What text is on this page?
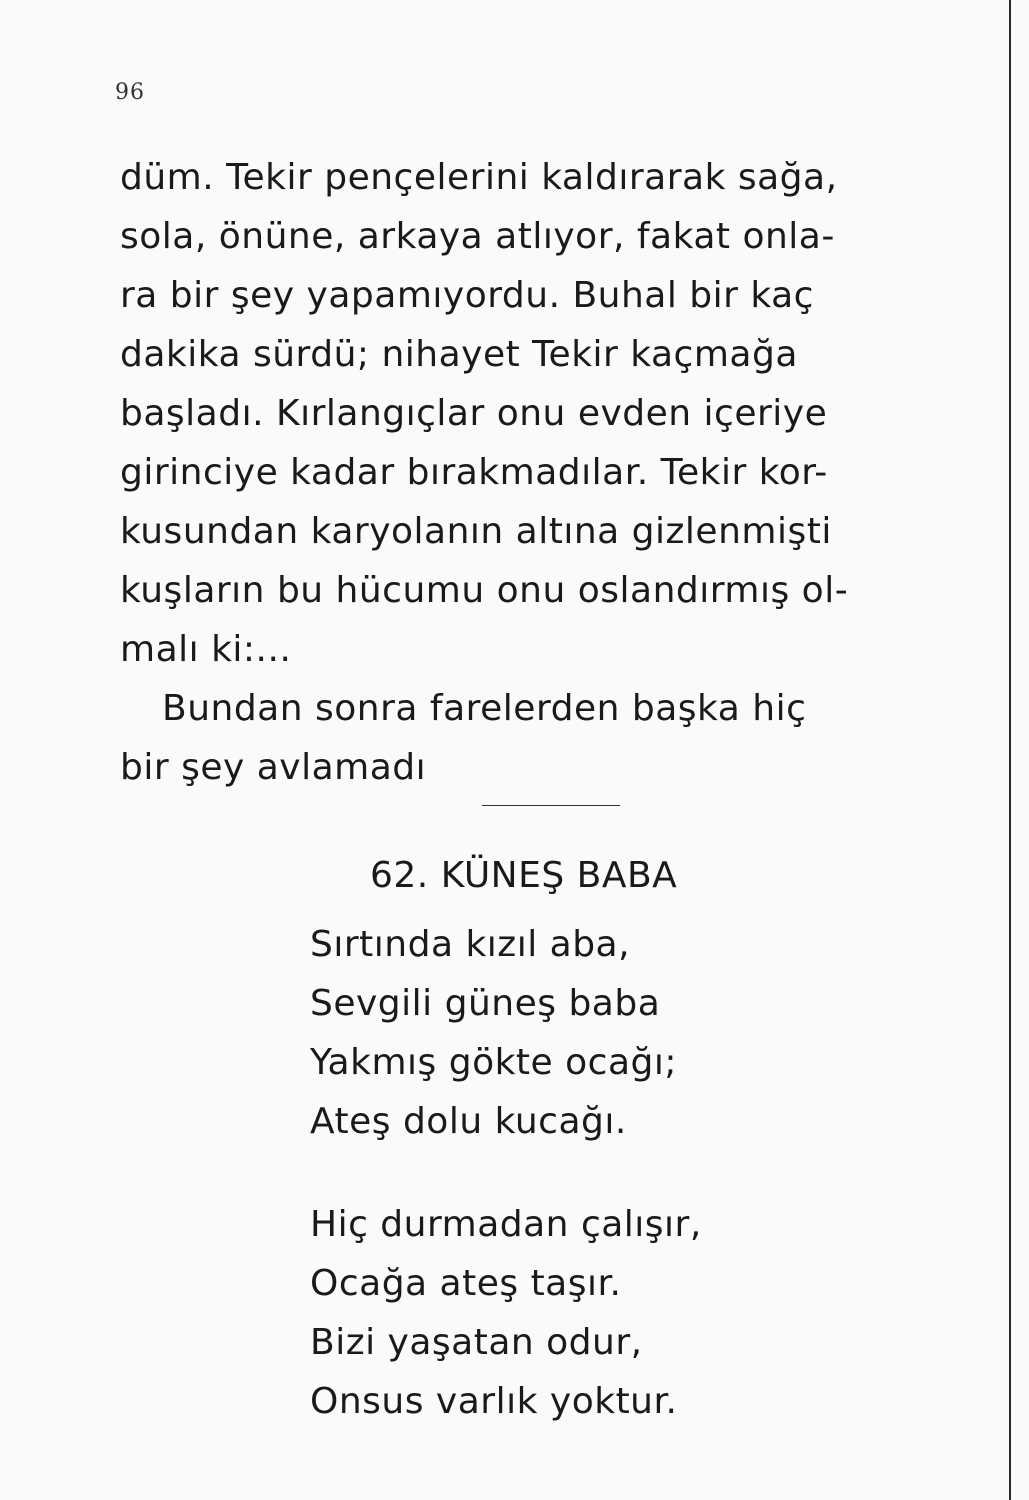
96
düm. Tekir pençelerini kaldırarak sağa,
sola, önüne, arkaya atlıyor, fakat onla-
ra bir şey yapamıyordu. Buhal bir kaç
dakika sürdü; nihayet Tekir kaçmağa
başladı. Kırlangıçlar onu evden içeriye
girinciye kadar bırakmadılar. Tekir kor-
kusundan karyolanın altına gizlenmişti
kuşların bu hücumu onu oslandırmış ol-
malı ki:...
Bundan sonra farelerden başka hiç
bir şey avlamadı
62. KÜNEŞ BABA
Sırtında kızıl aba,
Sevgili güneş baba
Yakmış gökte ocağı;
Ateş dolu kucağı.
Hiç durmadan çalışır,
Ocağa ateş taşır.
Bizi yaşatan odur,
Onsus varlık yoktur.
